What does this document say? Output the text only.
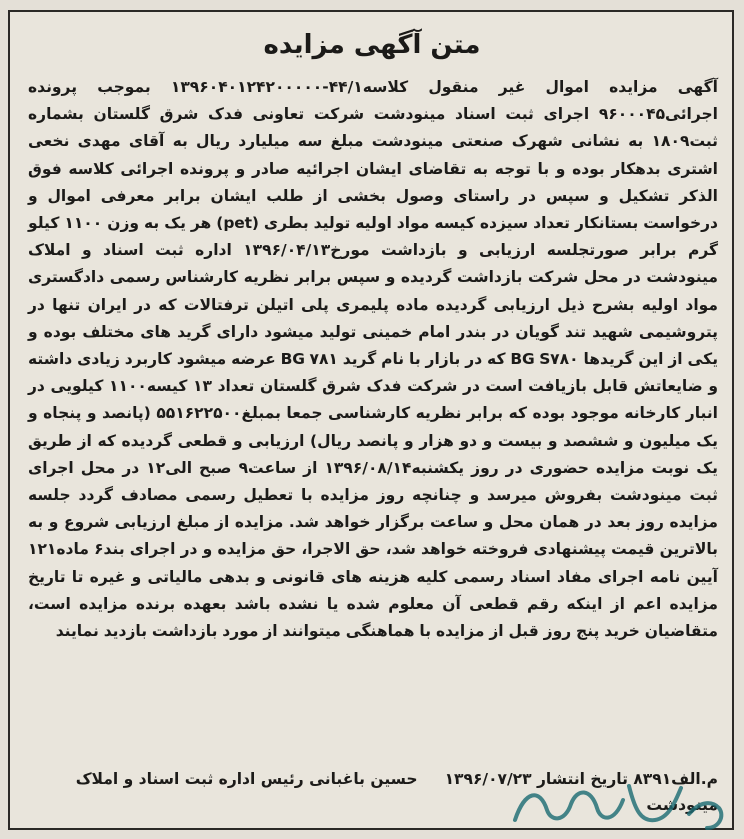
متن آگهی مزایده
آگهی مزایده اموال غیر منقول کلاسه۴۴/۱-۱۳۹۶۰۴۰۱۲۴۲۰۰۰۰۰ بموجب پرونده اجرائی۹۶۰۰۰۴۵ اجرای ثبت اسناد مینودشت شرکت تعاونی فدک شرق گلستان بشماره ثبت۱۸۰۹ به نشانی شهرک صنعتی مینودشت مبلغ سه میلیارد ریال به آقای مهدی نخعی اشتری بدهکار بوده و با توجه به تقاضای ایشان اجرائیه صادر و پرونده اجرائی کلاسه فوق الذکر تشکیل و سپس در راستای وصول بخشی از طلب ایشان برابر معرفی اموال و درخواست بستانکار تعداد سیزده کیسه مواد اولیه تولید بطری (pet) هر یک به وزن ۱۱۰۰ کیلو گرم برابر صورتجلسه ارزیابی و بازداشت مورخ۱۳۹۶/۰۴/۱۳ اداره ثبت اسناد و املاک مینودشت در محل شرکت بازداشت گردیده و سپس برابر نظریه کارشناس رسمی دادگستری مواد اولیه بشرح ذیل ارزیابی گردیده ماده پلیمری پلی اتیلن ترفتالات که در ایران تنها در پتروشیمی شهید تند گویان در بندر امام خمینی تولید میشود دارای گرید های مختلف بوده و یکی از این گریدها BG S۷۸۰ که در بازار با نام گرید BG ۷۸۱ عرضه میشود کاربرد زیادی داشته و ضایعاتش قابل بازیافت است در شرکت فدک شرق گلستان تعداد ۱۳ کیسه۱۱۰۰ کیلویی در انبار کارخانه موجود بوده که برابر نظریه کارشناسی جمعا بمبلغ۵۵۱۶۲۲۵۰۰ (پانصد و پنجاه و یک میلیون و ششصد و بیست و دو هزار و پانصد ریال) ارزیابی و قطعی گردیده که از طریق یک نوبت مزایده حضوری در روز یکشنبه۱۳۹۶/۰۸/۱۴ از ساعت۹ صبح الی۱۲ در محل اجرای ثبت مینودشت بفروش میرسد و چنانچه روز مزایده با تعطیل رسمی مصادف گردد جلسه مزایده روز بعد در همان محل و ساعت برگزار خواهد شد. مزایده از مبلغ ارزیابی شروع و به بالاترین قیمت پیشنهادی فروخته خواهد شد، حق الاجرا، حق مزایده و در اجرای بند۶ ماده۱۲۱ آیین نامه اجرای مفاد اسناد رسمی کلیه هزینه های قانونی و بدهی مالیاتی و غیره تا تاریخ مزایده اعم از اینکه رقم قطعی آن معلوم شده یا نشده باشد بعهده برنده مزایده است، متقاضیان خرید پنج روز قبل از مزایده با هماهنگی میتوانند از مورد بازداشت بازدید نمایند
م.الف۸۳۹۱ تاریخ انتشار ۱۳۹۶/۰۷/۲۳     حسین باغبانی رئیس اداره ثبت اسناد و املاک مینودشت
